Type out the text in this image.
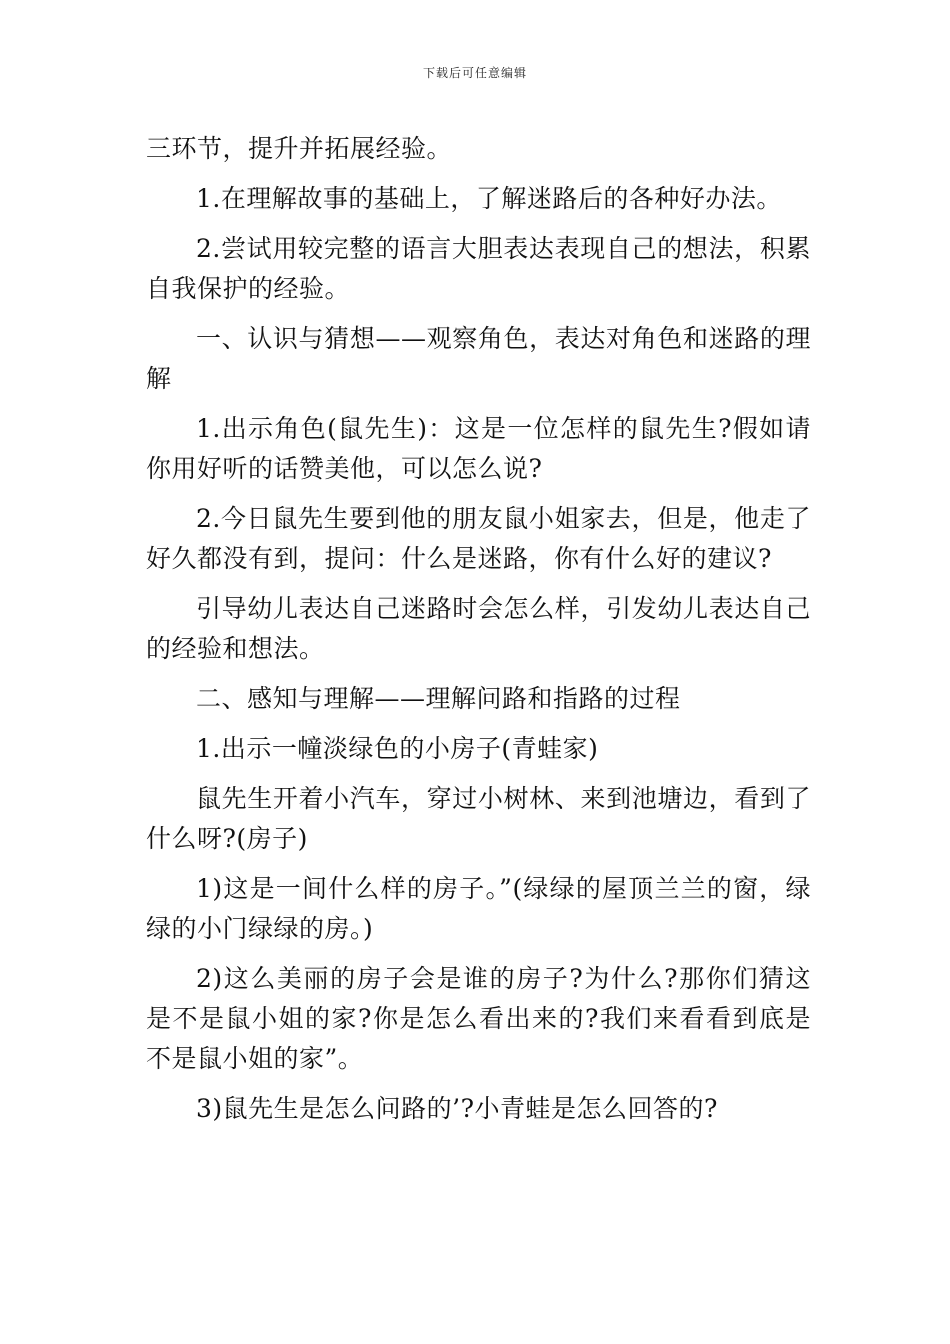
下载后可任意编辑

三环节，提升并拓展经验。

1.在理解故事的基础上，了解迷路后的各种好办法。

2.尝试用较完整的语言大胆表达表现自己的想法，积累自我保护的经验。

一、认识与猜想——观察角色，表达对角色和迷路的理解

1.出示角色(鼠先生)：这是一位怎样的鼠先生?假如请你用好听的话赞美他，可以怎么说?

2.今日鼠先生要到他的朋友鼠小姐家去，但是，他走了好久都没有到，提问：什么是迷路，你有什么好的建议?

引导幼儿表达自己迷路时会怎么样，引发幼儿表达自己的经验和想法。

二、感知与理解——理解问路和指路的过程

1.出示一幢淡绿色的小房子(青蛙家)

鼠先生开着小汽车，穿过小树林、来到池塘边，看到了什么呀?(房子)

1)这是一间什么样的房子。”(绿绿的屋顶兰兰的窗，绿绿的小门绿绿的房。)

2)这么美丽的房子会是谁的房子?为什么?那你们猜这是不是鼠小姐的家?你是怎么看出来的?我们来看看到底是不是鼠小姐的家”。

3)鼠先生是怎么问路的’?小青蛙是怎么回答的?
